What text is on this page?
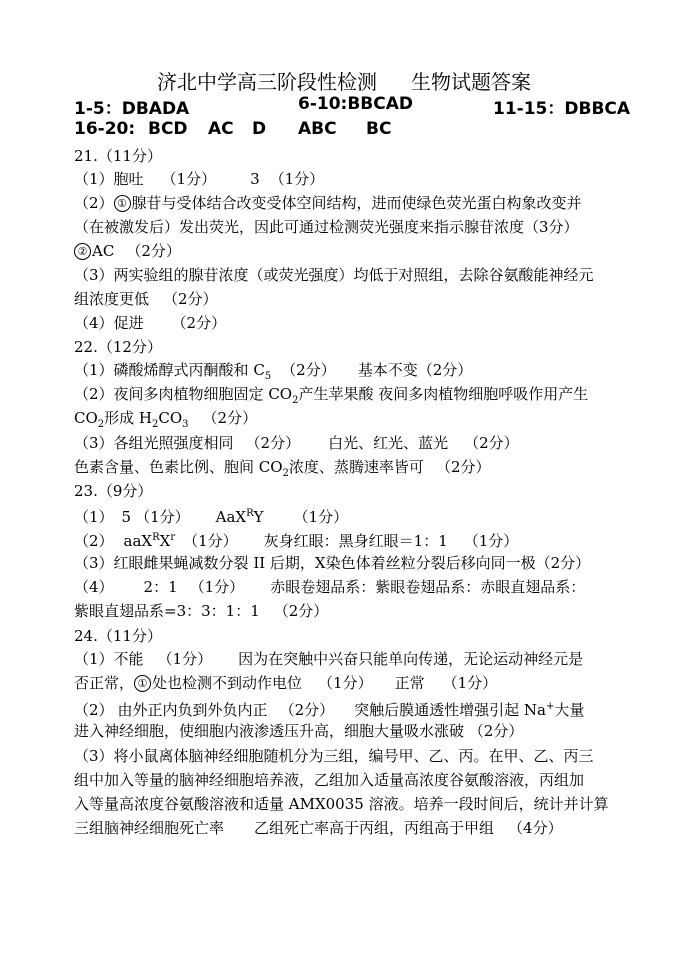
济北中学高三阶段性检测 生物试题答案
1-5：DBADA	6-10:BBCAD	11-15：DBBCA
16-20: BCD AC D ABC BC
21.（11分）
（1）胞吐 （1分） 3 （1分）
（2） ① 腺苷与受体结合改变受体空间结构，进而使绿色荧光蛋白构象改变并
（在被激发后）发出荧光，因此可通过检测荧光强度来指示腺苷浓度（3分）
② AC （2分）
（3）两实验组的腺苷浓度（或荧光强度）均低于对照组，去除谷氨酸能神经元
组浓度更低 （2分）
（4）促进 （2分）
22.（12分）
（1）磷酸烯醇式丙酮酸和 $C_5$ （2分） 基本不变（2分）
（2）夜间多肉植物细胞固定 $CO_2$产生苹果酸 夜间多肉植物细胞呼吸作用产生
$CO_2$形成 $H_2CO_3$ （2分）
（3）各组光照强度相同 （2分） 白光、红光、蓝光 （2分）
色素含量、色素比例、胞间 $CO_2$浓度、蒸腾速率皆可 （2分）
23.（9分）
（1） 5 （1分） AaX$^R$Y （1分）
（2） $aaX^RX^r$ （1分） 灰身红眼：黑身红眼＝1：1 （1分）
（3）红眼雌果蝇减数分裂 II 后期，X染色体着丝粒分裂后移向同一极（2分）
（4） 2：1 （1分） 赤眼卷翅品系：紫眼卷翅品系：赤眼直翅品系：
紫眼直翅品系=3：3：1：1 （2分）
24.（11分）
（1）不能 （1分） 因为在突触中兴奋只能单向传递，无论运动神经元是
否正常， ① 处也检测不到动作电位 （1分） 正常 （1分）
（2） 由外正内负到外负内正 （2分） 突触后膜通透性增强引起 Na+大量
进入神经细胞，使细胞内液渗透压升高，细胞大量吸水涨破 （2分）
（3）将小鼠离体脑神经细胞随机分为三组，编号甲、乙、丙。在甲、乙、丙三
组中加入等量的脑神经细胞培养液，乙组加入适量高浓度谷氨酸溶液，丙组加
入等量高浓度谷氨酸溶液和适量 AMX0035 溶液。培养一段时间后，统计并计算
三组脑神经细胞死亡率 乙组死亡率高于丙组，丙组高于甲组 （4分）
